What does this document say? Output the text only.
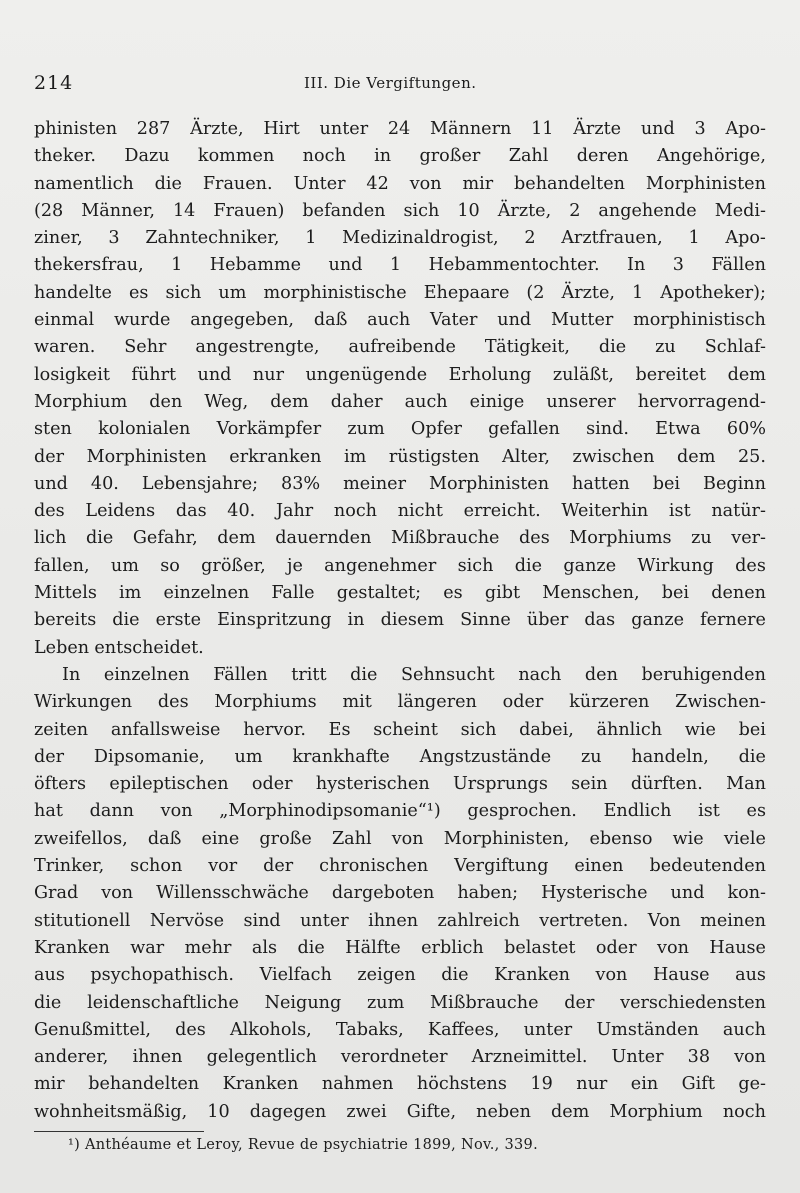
214	III. Die Vergiftungen.
phinisten 287 Ärzte, Hirt unter 24 Männern 11 Ärzte und 3 Apo-
theker. Dazu kommen noch in großer Zahl deren Angehörige,
namentlich die Frauen. Unter 42 von mir behandelten Morphinisten
(28 Männer, 14 Frauen) befanden sich 10 Ärzte, 2 angehende Medi-
ziner, 3 Zahntechniker, 1 Medizinaldrogist, 2 Arztfrauen, 1 Apo-
thekersfrau, 1 Hebamme und 1 Hebammentochter. In 3 Fällen
handelte es sich um morphinistische Ehepaare (2 Ärzte, 1 Apotheker);
einmal wurde angegeben, daß auch Vater und Mutter morphinistisch
waren. Sehr angestrengte, aufreibende Tätigkeit, die zu Schlaf-
losigkeit führt und nur ungenügende Erholung zuläßt, bereitet dem
Morphium den Weg, dem daher auch einige unserer hervorragend-
sten kolonialen Vorkämpfer zum Opfer gefallen sind. Etwa 60%
der Morphinisten erkranken im rüstigsten Alter, zwischen dem 25.
und 40. Lebensjahre; 83% meiner Morphinisten hatten bei Beginn
des Leidens das 40. Jahr noch nicht erreicht. Weiterhin ist natür-
lich die Gefahr, dem dauernden Mißbrauche des Morphiums zu ver-
fallen, um so größer, je angenehmer sich die ganze Wirkung des
Mittels im einzelnen Falle gestaltet; es gibt Menschen, bei denen
bereits die erste Einspritzung in diesem Sinne über das ganze fernere
Leben entscheidet.
In einzelnen Fällen tritt die Sehnsucht nach den beruhigenden
Wirkungen des Morphiums mit längeren oder kürzeren Zwischen-
zeiten anfallsweise hervor. Es scheint sich dabei, ähnlich wie bei
der Dipsomanie, um krankhafte Angstzustände zu handeln, die
öfters epileptischen oder hysterischen Ursprungs sein dürften. Man
hat dann von „Morphinodipsomanie“¹) gesprochen. Endlich ist es
zweifellos, daß eine große Zahl von Morphinisten, ebenso wie viele
Trinker, schon vor der chronischen Vergiftung einen bedeutenden
Grad von Willensschwäche dargeboten haben; Hysterische und kon-
stitutionell Nervöse sind unter ihnen zahlreich vertreten. Von meinen
Kranken war mehr als die Hälfte erblich belastet oder von Hause
aus psychopathisch. Vielfach zeigen die Kranken von Hause aus
die leidenschaftliche Neigung zum Mißbrauche der verschiedensten
Genußmittel, des Alkohols, Tabaks, Kaffees, unter Umständen auch
anderer, ihnen gelegentlich verordneter Arzneimittel. Unter 38 von
mir behandelten Kranken nahmen höchstens 19 nur ein Gift ge-
wohnheitsmäßig, 10 dagegen zwei Gifte, neben dem Morphium noch
¹) Anthéaume et Leroy, Revue de psychiatrie 1899, Nov., 339.
